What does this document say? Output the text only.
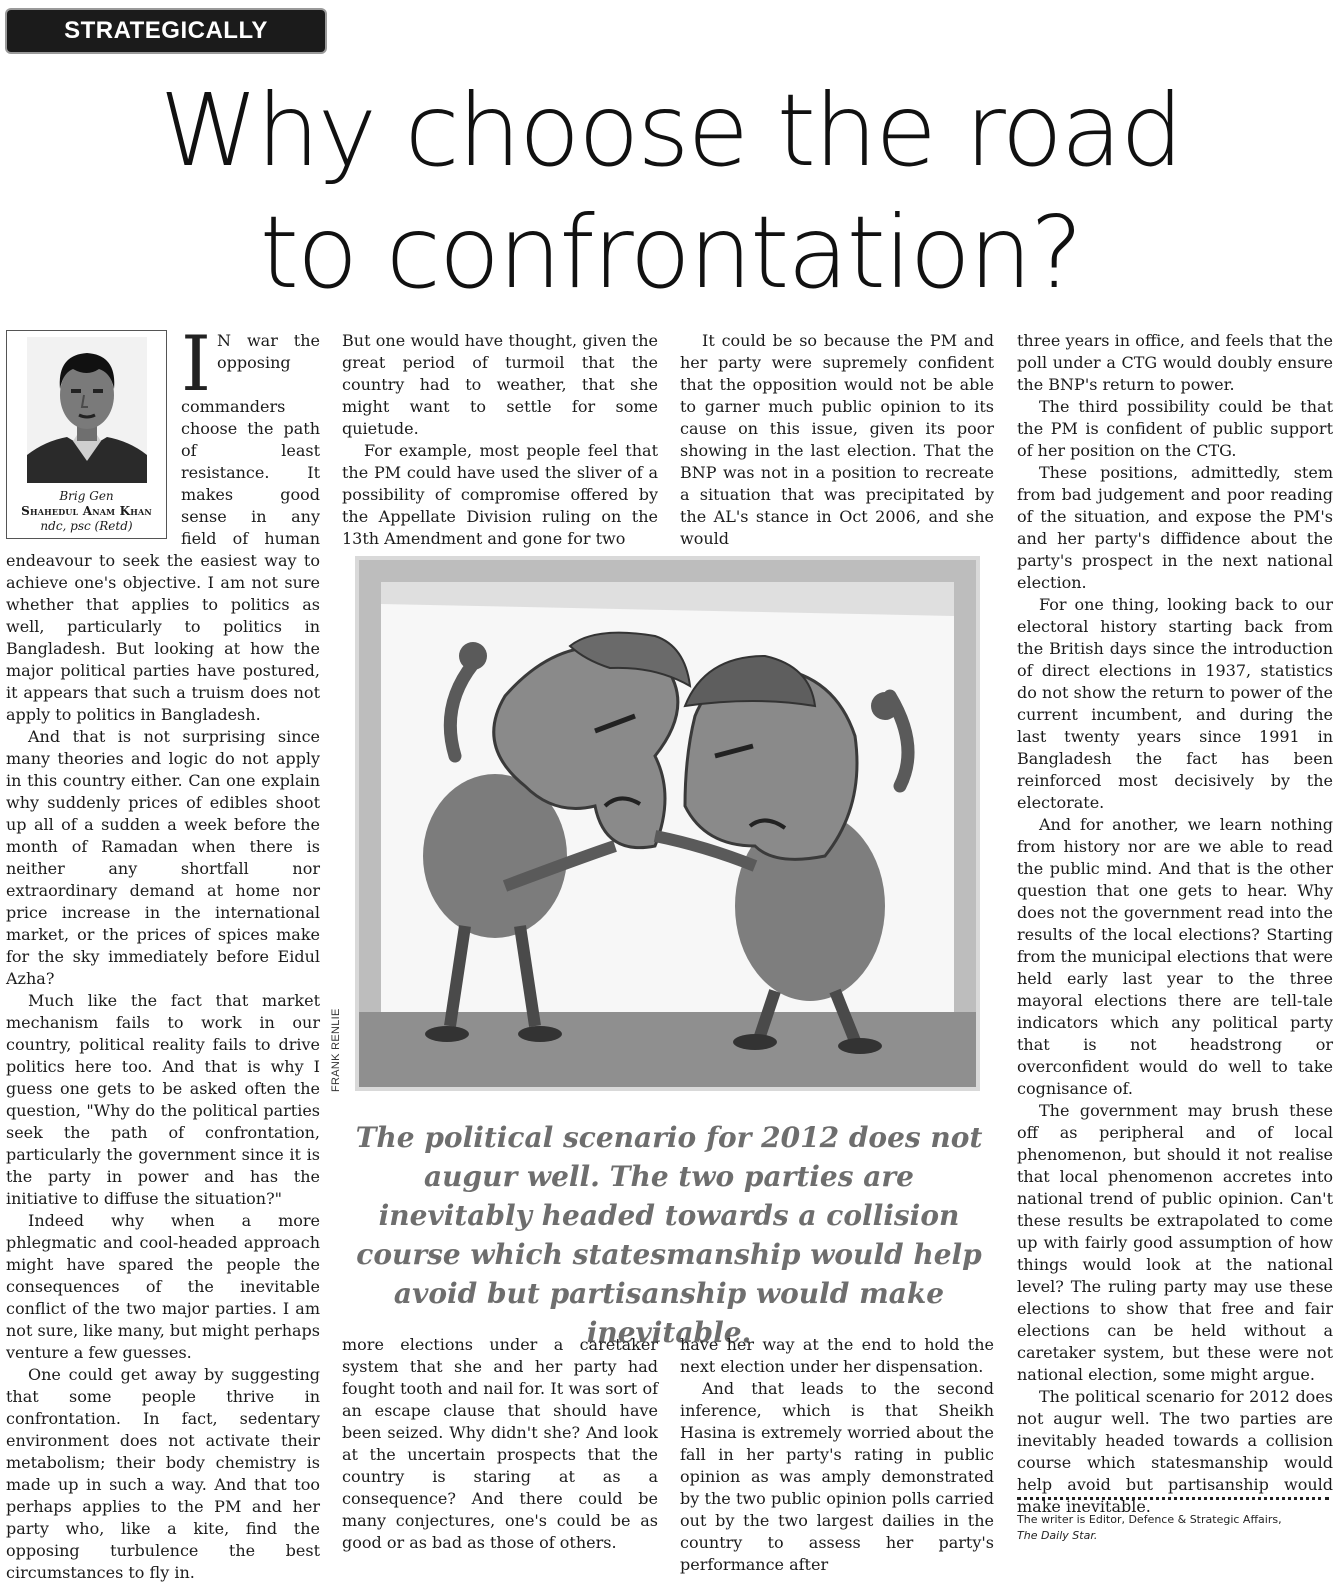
STRATEGICALLY SPEAKING
Why choose the road
to confrontation?
Brig Gen
Shahedul Anam Khan
ndc, psc (Retd)

I N war the opposing commanders choose the path of least resistance. It makes good sense in any field of human endeavour to seek the easiest way to achieve one's objective. I am not sure whether that applies to politics as well, particularly to politics in Bangladesh. But looking at how the major political parties have postured, it appears that such a truism does not apply to politics in Bangladesh.

And that is not surprising since many theories and logic do not apply in this country either. Can one explain why suddenly prices of edibles shoot up all of a sudden a week before the month of Ramadan when there is neither any shortfall nor extraordinary demand at home nor price increase in the international market, or the prices of spices make for the sky immediately before Eidul Azha?

Much like the fact that market mechanism fails to work in our country, political reality fails to drive politics here too. And that is why I guess one gets to be asked often the question, "Why do the political parties seek the path of confrontation, particularly the government since it is the party in power and has the initiative to diffuse the situation?"

Indeed why when a more phlegmatic and cool-headed approach might have spared the people the consequences of the inevitable conflict of the two major parties. I am not sure, like many, but might perhaps venture a few guesses.

One could get away by suggesting that some people thrive in confrontation. In fact, sedentary environment does not activate their metabolism; their body chemistry is made up in such a way. And that too perhaps applies to the PM and her party who, like a kite, find the opposing turbulence the best circumstances to fly in.

But one would have thought, given the great period of turmoil that the country had to weather, that she might want to settle for some quietude.

For example, most people feel that the PM could have used the sliver of a possibility of compromise offered by the Appellate Division ruling on the 13th Amendment and gone for two

It could be so because the PM and her party were supremely confident that the opposition would not be able to garner much public opinion to its cause on this issue, given its poor showing in the last election. That the BNP was not in a position to recreate a situation that was precipitated by the AL's stance in Oct 2006, and she would

FRANK RENLIE

The political scenario for 2012 does not augur well. The two parties are inevitably headed towards a collision course which statesmanship would help avoid but partisanship would make inevitable.

more elections under a caretaker system that she and her party had fought tooth and nail for. It was sort of an escape clause that should have been seized. Why didn't she? And look at the uncertain prospects that the country is staring at as a consequence? And there could be many conjectures, one's could be as good or as bad as those of others.

have her way at the end to hold the next election under her dispensation.

And that leads to the second inference, which is that Sheikh Hasina is extremely worried about the fall in her party's rating in public opinion as was amply demonstrated by the two public opinion polls carried out by the two largest dailies in the country to assess her party's performance after

three years in office, and feels that the poll under a CTG would doubly ensure the BNP's return to power.

The third possibility could be that the PM is confident of public support of her position on the CTG.

These positions, admittedly, stem from bad judgement and poor reading of the situation, and expose the PM's and her party's diffidence about the party's prospect in the next national election.

For one thing, looking back to our electoral history starting back from the British days since the introduction of direct elections in 1937, statistics do not show the return to power of the current incumbent, and during the last twenty years since 1991 in Bangladesh the fact has been reinforced most decisively by the electorate.

And for another, we learn nothing from history nor are we able to read the public mind. And that is the other question that one gets to hear. Why does not the government read into the results of the local elections? Starting from the municipal elections that were held early last year to the three mayoral elections there are tell-tale indicators which any political party that is not headstrong or overconfident would do well to take cognisance of.

The government may brush these off as peripheral and of local phenomenon, but should it not realise that local phenomenon accretes into national trend of public opinion. Can't these results be extrapolated to come up with fairly good assumption of how things would look at the national level? The ruling party may use these elections to show that free and fair elections can be held without a caretaker system, but these were not national election, some might argue.

The political scenario for 2012 does not augur well. The two parties are inevitably headed towards a collision course which statesmanship would help avoid but partisanship would make inevitable.

The writer is Editor, Defence & Strategic Affairs,
The Daily Star.
